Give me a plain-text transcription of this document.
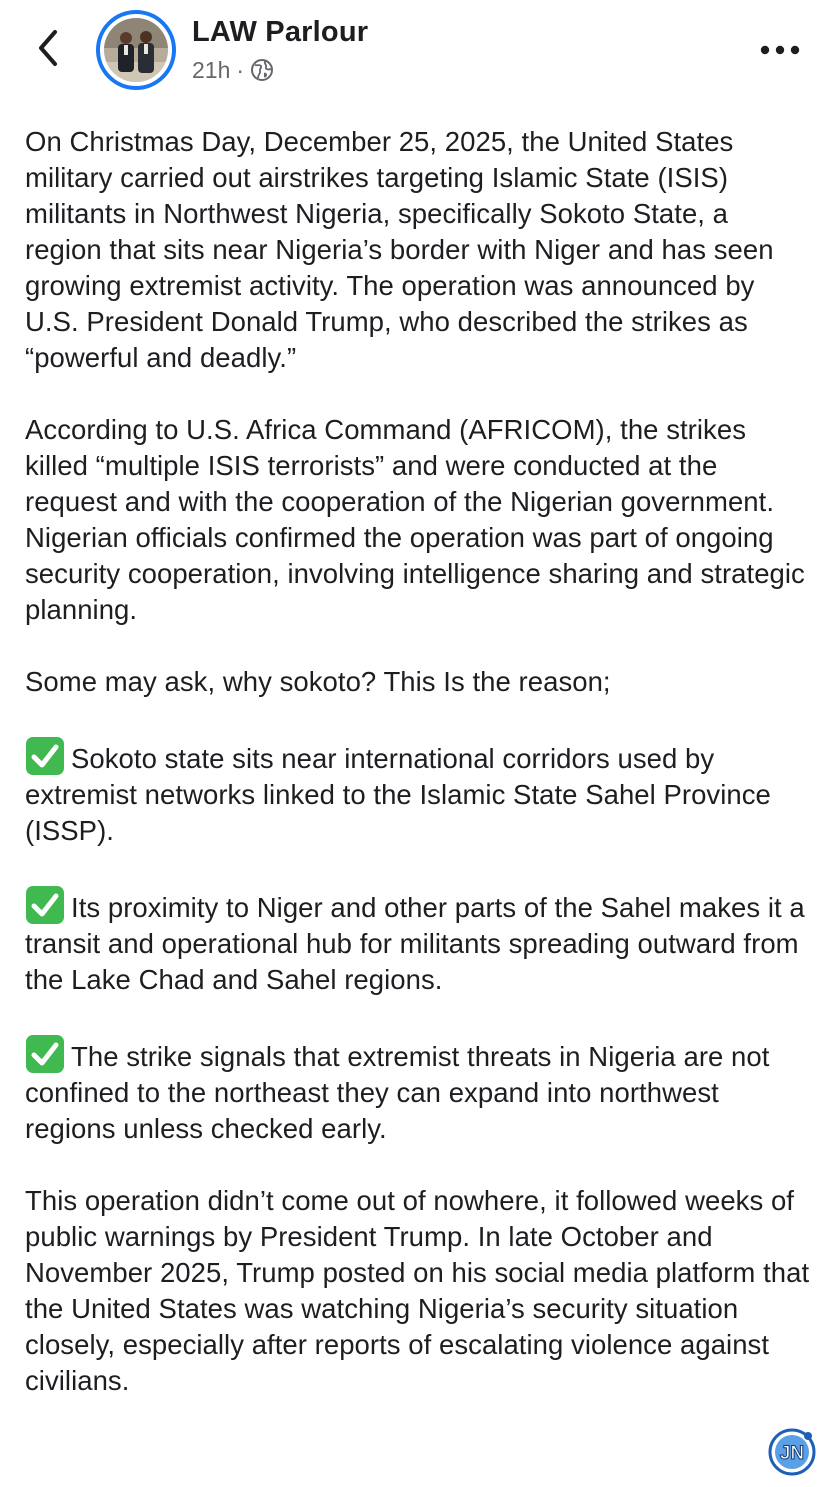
LAW Parlour
21h ·

On Christmas Day, December 25, 2025, the United States military carried out airstrikes targeting Islamic State (ISIS) militants in Northwest Nigeria, specifically Sokoto State, a region that sits near Nigeria’s border with Niger and has seen growing extremist activity. The operation was announced by U.S. President Donald Trump, who described the strikes as “powerful and deadly.”

According to U.S. Africa Command (AFRICOM), the strikes killed “multiple ISIS terrorists” and were conducted at the request and with the cooperation of the Nigerian government. Nigerian officials confirmed the operation was part of ongoing security cooperation, involving intelligence sharing and strategic planning.

Some may ask, why sokoto? This Is the reason;

Sokoto state sits near international corridors used by extremist networks linked to the Islamic State Sahel Province (ISSP).

Its proximity to Niger and other parts of the Sahel makes it a transit and operational hub for militants spreading outward from the Lake Chad and Sahel regions.

The strike signals that extremist threats in Nigeria are not confined to the northeast they can expand into northwest regions unless checked early.

This operation didn’t come out of nowhere, it followed weeks of public warnings by President Trump. In late October and November 2025, Trump posted on his social media platform that the United States was watching Nigeria’s security situation closely, especially after reports of escalating violence against civilians.

JN
